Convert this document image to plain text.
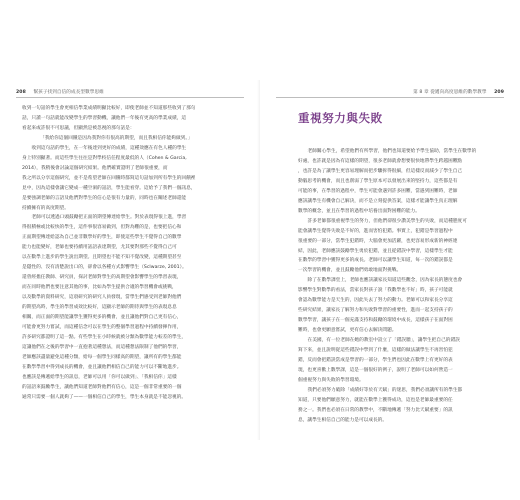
208 幫孩子找到自信的成長型數學思維

收到一句話的學生會更相信學業成績明顯比較好，即使老師並不知道那些收到了那句

話，只讀一句話就能改變學生的學習動機，讓他們一年後有更高的學業成績，這

看起來或許很不可思議，但顯然是被忽視的那句話是：

「我給你這個回饋是因為我對你有很高的期望，而且我相信你能夠做到。」

收到這句話的學生，在一年後達到更好的成績，這種效應在有色人種的學生

身上特別顯著。而這些學生往往是對學校信任程度最低的人（Cohen & Garcia,

2014），我稍後會討論這個研究結果。他們確實證明了老師很重要，而

我之所以分享這個研究，並不是希望老師在回饋時都寫這句話加到所有學生的回饋裡

見中，因為這樣會讓它變成一種空洞的話語，學生能看穿。這給予了我們一個訊息，

是要強調老師的言語及他們對學生的信心是很有力量的，同時也在闡述老師還能

持續擁有的高度期望。

老師可以透過口頭鼓勵把正面的期望傳達給學生。對於表現得很上進，學習

得很積極或比較快的學生，這件事很容易做到，但對為難的是，也要把信心和

正面期望傳達給認為自己並非數學好的學生，即使這些學生不覺得自己的數學

能力也能變好，老師也要持續用話語表達期望，尤其要對那些不覺得自己可

以在數學上進步的學生說出期望。且期望也不能不知不覺改變，這種期望甚至

是隱性的、沒有清楚說出口的，卻會以各種方式影響學生（Sclwarze, 2001）。

還曾經擔任教師、研究員，探討老師對學生的高期望會影響學生的學習表現，

而在同時他們也要注意其他的事，比如為學生提供合適的學習機會或挑戰，

以及數學的資料研究，這項研究的研究人員發現，當學生們感受到老師對他們

的期望高時，學生的學習成效比較好，這顯示老師的期待與學生的表現息息

相關，而正面的期望能讓學生獲得更多的機會，並且讓他們對自己更有信心，

可能會更努力嘗試，而這種信念可以在學生的整個學習過程中持續發揮作用，

許多研究都證明了這一點。有些學生在小時候就被分類為數學能力較差的學生，

這讓他們在之後的學習中一直抱著這種想法，而這種想法限制了他們的學習，

老師應該盡量避免這種分類，給每一個學生同樣高的期望，讓所有的學生都能

在數學學習中得到成長的機會，並且讓他們相信自己的能力可以不斷地進步。

也應該是傳遞給學生的訊息，老師可以用「你可以做到」、「我相信你」這樣

的話語來鼓勵學生，讓他們知道老師對他們有信心，這是一個非常重要的一個

通常只需要一個人就夠了——一個相信自己的學生，學生本身就是不能忽視的。

第 8 章 從邁向高度思維的數學教學 209
重視努力與失敗

老師關心學生，希望他們有所學習，他們也知道要給予學生協助，當學生在數學的

好處，也許就是因為有這樣的期望，很多老師就會想要很快地帶學生跨越困難點

，也許是為了讓學生更容易理解而把步驟拆得很細，但這樣反而減少了學生自己

動腦思考的機會，而且也削弱了學生原本可以發展出來的堅持力，這些都是有

可能的事，在學習的過程中，學生可能會遇到許多困難，當遇到困難時，老師

應該讓學生有機會自己解決，而不是立刻提供答案，這樣才能讓學生真正理解

數學的概念，並且在學習的過程中培養出面對困難的能力。

許多老師都很重視學生的努力，但他們卻很少讚美學生的失敗，而這種態度可

能會讓學生覺得失敗是不好的，進而害怕犯錯。事實上，犯錯是學習過程中

很重要的一部分，當學生犯錯時，大腦會更加活躍，也更容易形成新的神經連

結，因此，老師應該鼓勵學生勇於犯錯，並且從錯誤中學習，這樣學生才能

在數學的學習中獲得更多的成長。老師可以讓學生知道，每一次的錯誤都是

一次學習的機會，並且鼓勵他們勇敢地面對挑戰。

除了在數學課堂上，老師也應該讓家長知道這些觀念，因為家長的態度也會

影響學生對數學的看法，當家長對孩子說「我數學也不好」時，孩子可能就

會認為數學能力是天生的，因此失去了努力的動力。老師可以和家長分享這

些研究結果，讓家長了解努力和失敗對學習的重要性，進而一起支持孩子的

數學學習，讓孩子在一個充滿支持和鼓勵的環境中成長，這樣孩子在面對困

難時，也會更願意嘗試，更有信心去解決問題。

在美國，有一位老師在她的教室中設立了「錯誤牆」，讓學生把自己的錯誤

寫下來，並且說明從這些錯誤中學到了什麼，這樣的做法讓學生不再害怕犯

錯，反而會把錯誤當成是學習的一部分，學生們也因此在數學上有更好的表

現，也更喜歡上數學課，這是一個很好的例子，說明了老師可以如何營造一

個重視努力與失敗的學習環境。

我們必須努力破除「成績好等於有天賦」的迷思，我們必須讓所有的學生都

知道，只要他們願意努力，就能在數學上獲得成功，這也是老師最重要的任

務之一。我們也必須在日常的教學中，不斷地傳遞「努力比天賦重要」的訊

息，讓學生相信自己的能力是可以成長的。
